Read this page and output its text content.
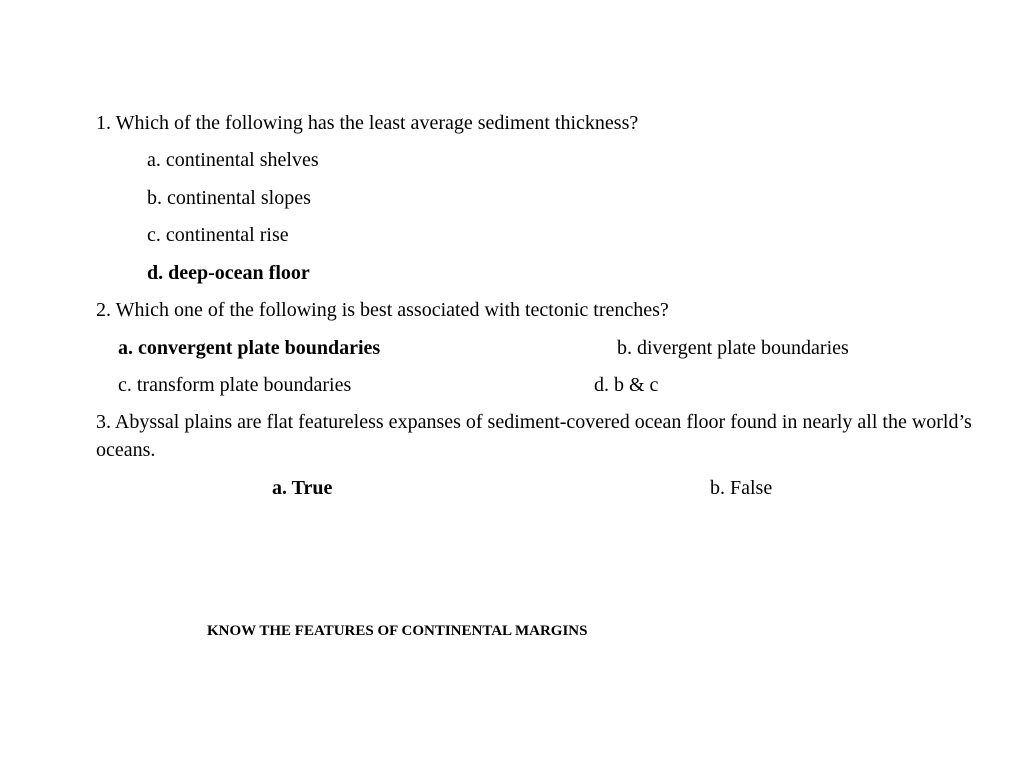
1. Which of the following has the least average sediment thickness?
a. continental shelves
b. continental slopes
c. continental rise
d. deep-ocean floor
2. Which one of the following is best associated with tectonic trenches?
a. convergent plate boundaries	b. divergent plate boundaries
c. transform plate boundaries	d. b & c
3. Abyssal plains are flat featureless expanses of sediment-covered ocean floor found in nearly all the world’s oceans.
a. True	b. False
KNOW THE FEATURES OF CONTINENTAL MARGINS
